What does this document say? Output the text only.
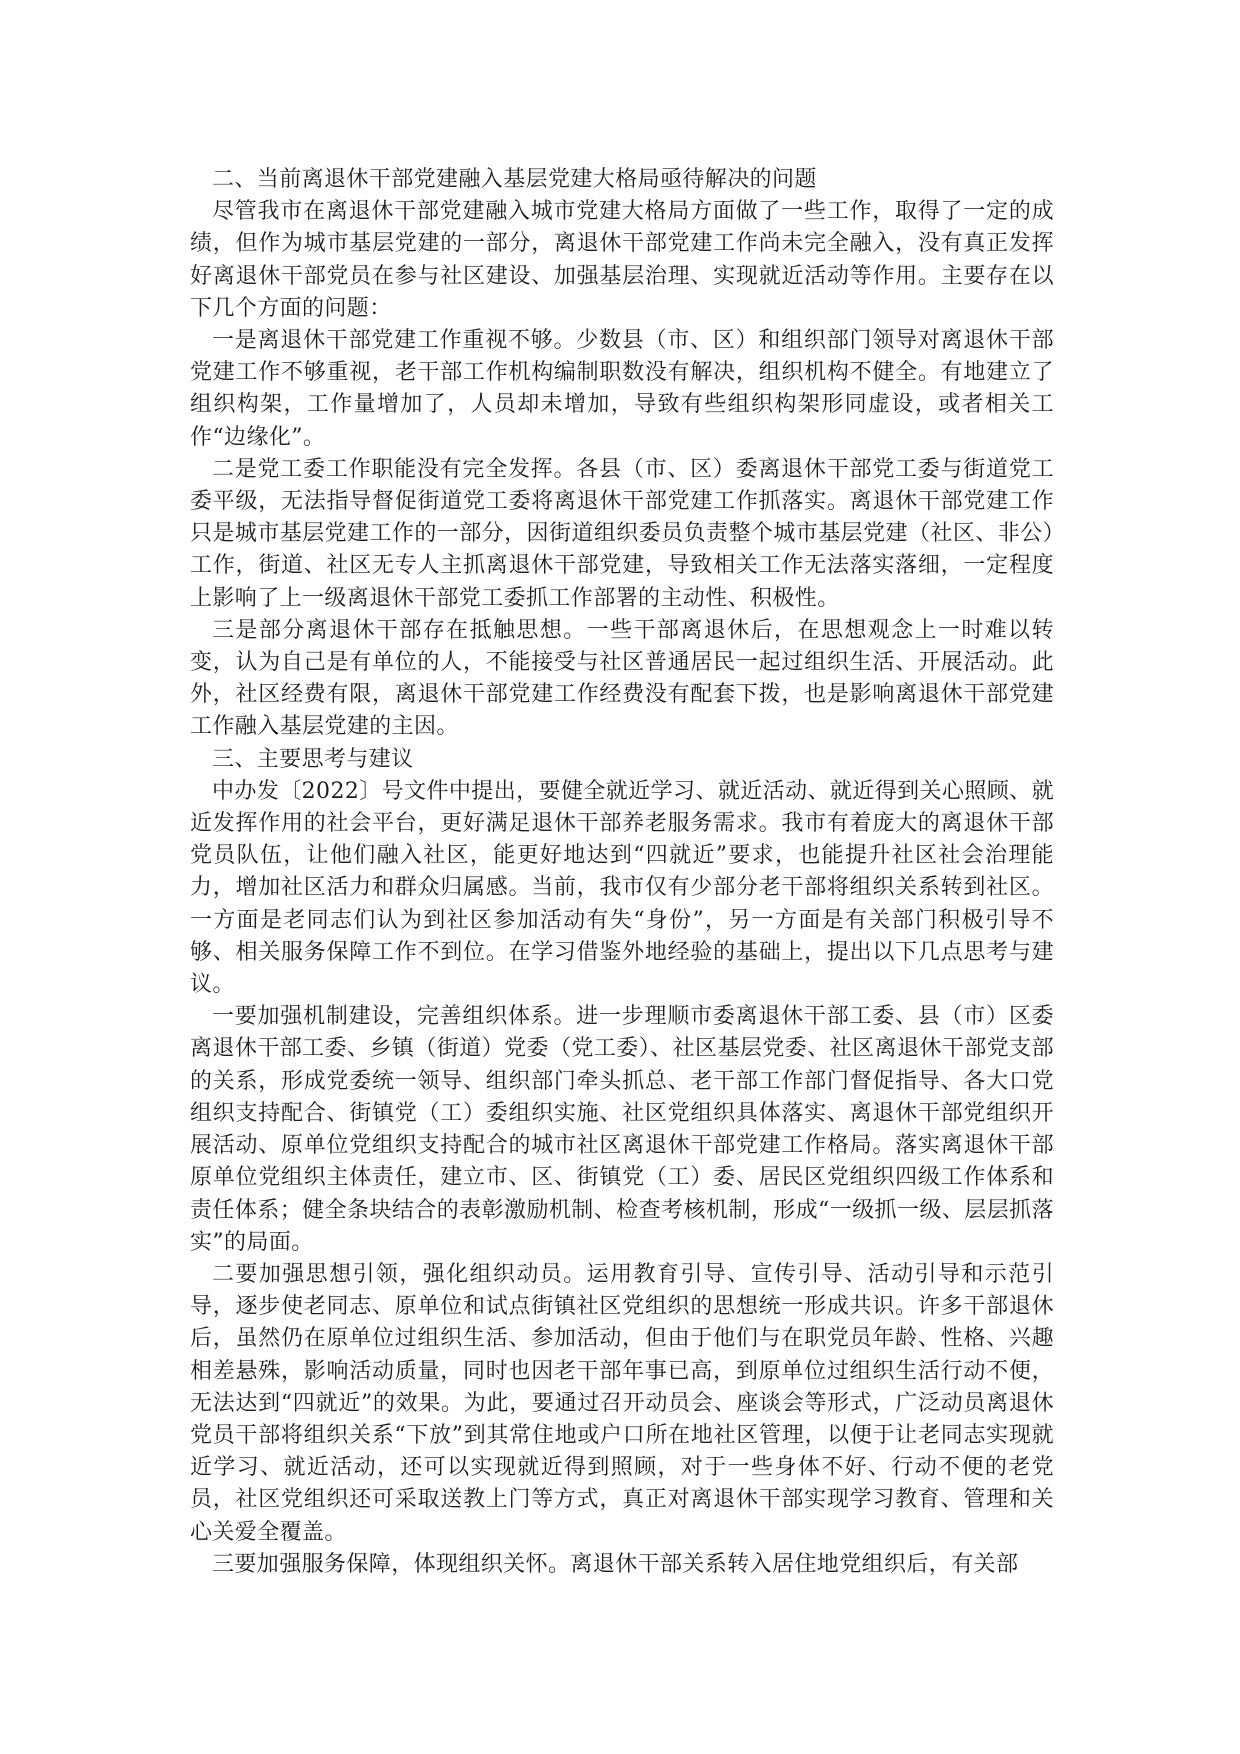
二、当前离退休干部党建融入基层党建大格局亟待解决的问题

尽管我市在离退休干部党建融入城市党建大格局方面做了一些工作，取得了一定的成绩，但作为城市基层党建的一部分，离退休干部党建工作尚未完全融入，没有真正发挥好离退休干部党员在参与社区建设、加强基层治理、实现就近活动等作用。主要存在以下几个方面的问题：

一是离退休干部党建工作重视不够。少数县（市、区）和组织部门领导对离退休干部党建工作不够重视，老干部工作机构编制职数没有解决，组织机构不健全。有地建立了组织构架，工作量增加了，人员却未增加，导致有些组织构架形同虚设，或者相关工作“边缘化”。

二是党工委工作职能没有完全发挥。各县（市、区）委离退休干部党工委与街道党工委平级，无法指导督促街道党工委将离退休干部党建工作抓落实。离退休干部党建工作只是城市基层党建工作的一部分，因街道组织委员负责整个城市基层党建（社区、非公）工作，街道、社区无专人主抓离退休干部党建，导致相关工作无法落实落细，一定程度上影响了上一级离退休干部党工委抓工作部署的主动性、积极性。

三是部分离退休干部存在抵触思想。一些干部离退休后，在思想观念上一时难以转变，认为自己是有单位的人，不能接受与社区普通居民一起过组织生活、开展活动。此外，社区经费有限，离退休干部党建工作经费没有配套下拨，也是影响离退休干部党建工作融入基层党建的主因。

三、主要思考与建议

中办发〔2022〕号文件中提出，要健全就近学习、就近活动、就近得到关心照顾、就近发挥作用的社会平台，更好满足退休干部养老服务需求。我市有着庞大的离退休干部党员队伍，让他们融入社区，能更好地达到“四就近”要求，也能提升社区社会治理能力，增加社区活力和群众归属感。当前，我市仅有少部分老干部将组织关系转到社区。一方面是老同志们认为到社区参加活动有失“身份”，另一方面是有关部门积极引导不够、相关服务保障工作不到位。在学习借鉴外地经验的基础上，提出以下几点思考与建议。

一要加强机制建设，完善组织体系。进一步理顺市委离退休干部工委、县（市）区委离退休干部工委、乡镇（街道）党委（党工委）、社区基层党委、社区离退休干部党支部的关系，形成党委统一领导、组织部门牵头抓总、老干部工作部门督促指导、各大口党组织支持配合、街镇党（工）委组织实施、社区党组织具体落实、离退休干部党组织开展活动、原单位党组织支持配合的城市社区离退休干部党建工作格局。落实离退休干部原单位党组织主体责任，建立市、区、街镇党（工）委、居民区党组织四级工作体系和责任体系；健全条块结合的表彰激励机制、检查考核机制，形成“一级抓一级、层层抓落实”的局面。

二要加强思想引领，强化组织动员。运用教育引导、宣传引导、活动引导和示范引导，逐步使老同志、原单位和试点街镇社区党组织的思想统一形成共识。许多干部退休后，虽然仍在原单位过组织生活、参加活动，但由于他们与在职党员年龄、性格、兴趣相差悬殊，影响活动质量，同时也因老干部年事已高，到原单位过组织生活行动不便，无法达到“四就近”的效果。为此，要通过召开动员会、座谈会等形式，广泛动员离退休党员干部将组织关系“下放”到其常住地或户口所在地社区管理，以便于让老同志实现就近学习、就近活动，还可以实现就近得到照顾，对于一些身体不好、行动不便的老党员，社区党组织还可采取送教上门等方式，真正对离退休干部实现学习教育、管理和关心关爱全覆盖。

三要加强服务保障，体现组织关怀。离退休干部关系转入居住地党组织后，有关部
